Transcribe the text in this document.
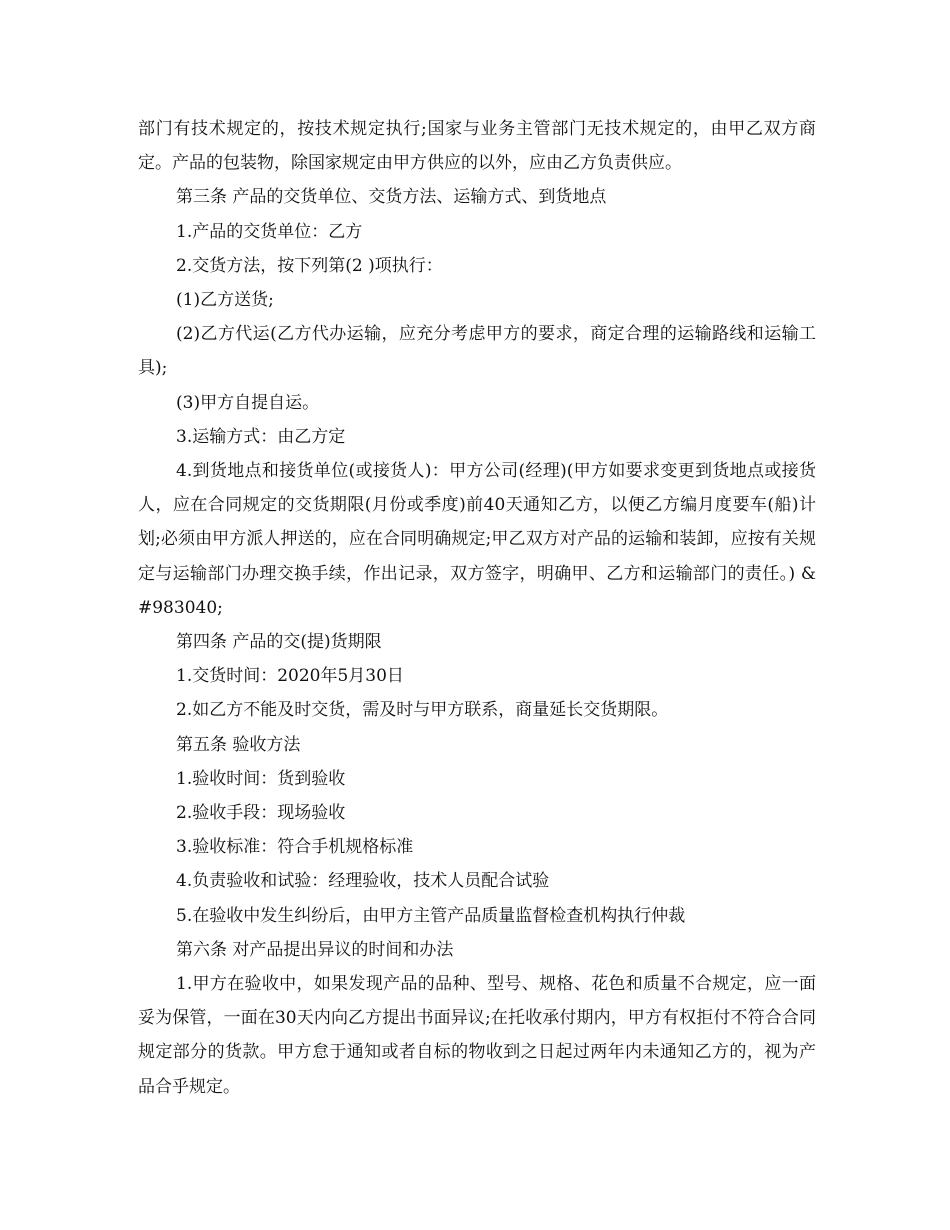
部门有技术规定的，按技术规定执行;国家与业务主管部门无技术规定的，由甲乙双方商定。产品的包装物，除国家规定由甲方供应的以外，应由乙方负责供应。

第三条 产品的交货单位、交货方法、运输方式、到货地点

1.产品的交货单位：乙方

2.交货方法，按下列第(2 )项执行：

(1)乙方送货;

(2)乙方代运(乙方代办运输，应充分考虑甲方的要求，商定合理的运输路线和运输工具);

(3)甲方自提自运。

3.运输方式：由乙方定

4.到货地点和接货单位(或接货人)：甲方公司(经理)(甲方如要求变更到货地点或接货人，应在合同规定的交货期限(月份或季度)前40天通知乙方，以便乙方编月度要车(船)计划;必须由甲方派人押送的，应在合同明确规定;甲乙双方对产品的运输和装卸，应按有关规定与运输部门办理交换手续，作出记录，双方签字，明确甲、乙方和运输部门的责任。) &#983040;

第四条 产品的交(提)货期限

1.交货时间：2020年5月30日

2.如乙方不能及时交货，需及时与甲方联系，商量延长交货期限。

第五条 验收方法

1.验收时间：货到验收

2.验收手段：现场验收

3.验收标准：符合手机规格标准

4.负责验收和试验：经理验收，技术人员配合试验

5.在验收中发生纠纷后，由甲方主管产品质量监督检查机构执行仲裁

第六条 对产品提出异议的时间和办法

1.甲方在验收中，如果发现产品的品种、型号、规格、花色和质量不合规定，应一面妥为保管，一面在30天内向乙方提出书面异议;在托收承付期内，甲方有权拒付不符合合同规定部分的货款。甲方怠于通知或者自标的物收到之日起过两年内未通知乙方的，视为产品合乎规定。
